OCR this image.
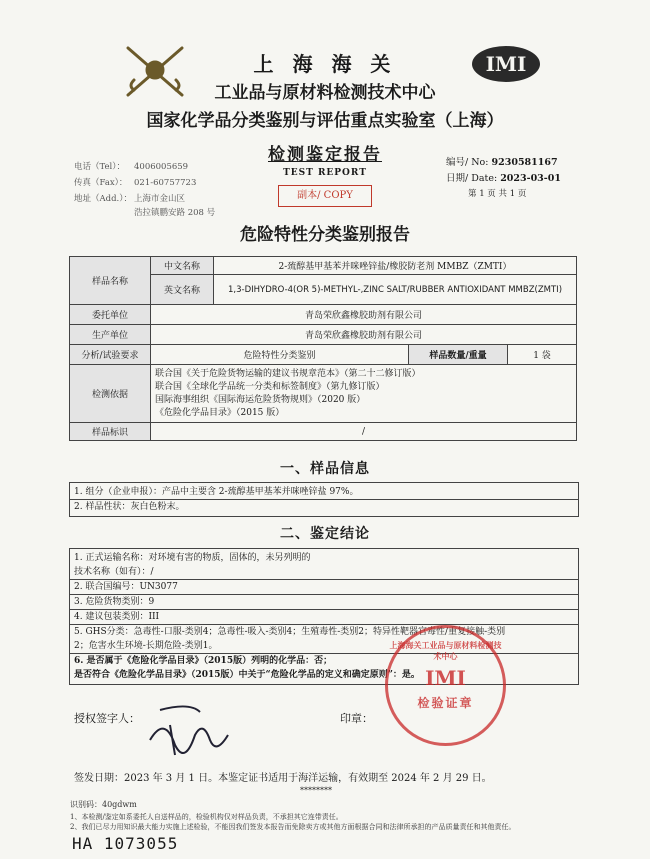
IMI
上 海 海 关
工业品与原材料检测技术中心
国家化学品分类鉴别与评估重点实验室（上海）
电话（Tel）： 4006005659
传真（Fax）： 021-60757723
地址（Add.）： 上海市金山区
浩拉镇鹏安路 208 号
检测鉴定报告
TEST REPORT
副本/ COPY
编号/ No: 9230581167
日期/ Date: 2023-03-01
第 1 页 共 1 页
危险特性分类鉴别报告
样品名称	中文名称	2-巯醇基甲基苯并咪唑锌盐/橡胶防老剂 MMBZ（ZMTI）		
	英文名称	1,3-DIHYDRO-4(OR 5)-METHYL-,ZINC SALT/RUBBER ANTIOXIDANT MMBZ(ZMTI)		
委托单位	青岛荣欣鑫橡胶助剂有限公司			
生产单位	青岛荣欣鑫橡胶助剂有限公司			
分析/试验要求	危险特性分类鉴别		样品数量/重量	1 袋
检测依据	联合国《关于危险货物运输的建议书规章范本》（第二十二修订版）
联合国《全球化学品统一分类和标签制度》（第九修订版）
国际海事组织《国际海运危险货物规则》（2020 版）
《危险化学品目录》（2015 版）			

样品标识	/			
一、样品信息
1. 组分（企业申报）：产品中主要含 2-巯醇基甲基苯并咪唑锌盐 97%。
2. 样品性状：灰白色粉末。
二、鉴定结论
1. 正式运输名称：对环境有害的物质，固体的，未另列明的
技术名称（如有）：/
2. 联合国编号：UN3077
3. 危险货物类别：9
4. 建议包装类别：III
5. GHS分类：急毒性-口服-类别4；急毒性-吸入-类别4；生殖毒性-类别2；特异性靶器官毒性/重复接触-类别
2；危害水生环境-长期危险-类别1。
6. 是否属于《危险化学品目录》（2015版）列明的化学品：否；
是否符合《危险化学品目录》（2015版）中关于“危险化学品的定义和确定原则”：是。
授权签字人：	印章：
上海海关工业品与原材料检测技术中心
IMI
检验证章
签发日期：2023 年 3 月 1 日。本鉴定证书适用于海洋运输，有效期至 2024 年 2 月 29 日。
********
识别码：40gdwm
1、本检测/鉴定如系委托人自送样品的，检验机构仅对样品负责，不承担其它连带责任。
2、我们已尽力用知识最大能力实施上述检验，不能因我们签发本报告而免除卖方或其他方面根据合同和法律所承担的产品质量责任和其他责任。
HA 1073055
